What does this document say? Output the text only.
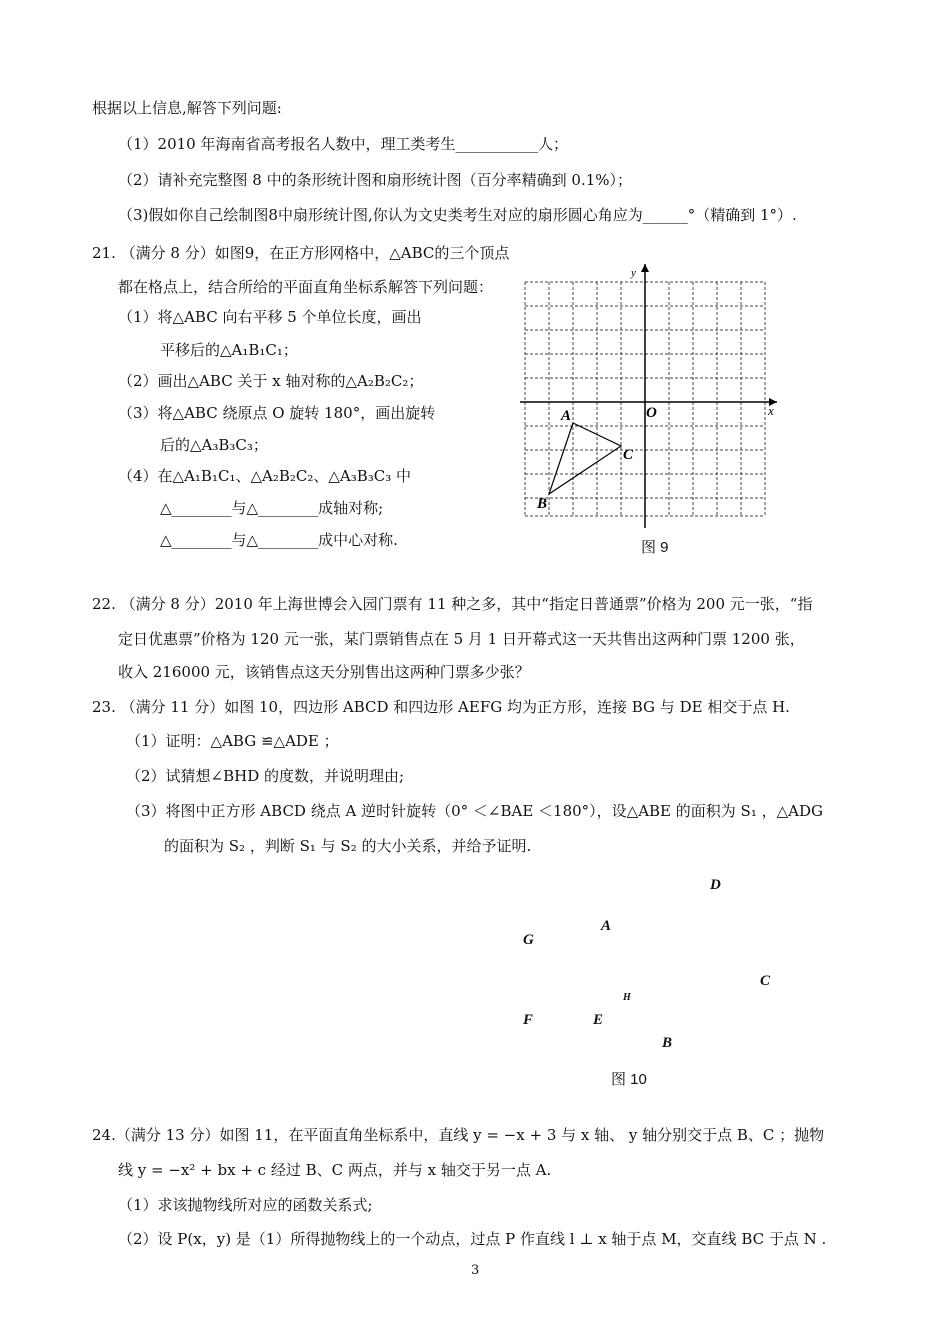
根据以上信息,解答下列问题:
（1）2010 年海南省高考报名人数中，理工类考生___________人；
（2）请补充完整图 8 中的条形统计图和扇形统计图（百分率精确到 0.1%）；
（3)假如你自己绘制图8中扇形统计图,你认为文史类考生对应的扇形圆心角应为______°（精确到 1°）.
21. （满分 8 分）如图9，在正方形网格中，△ABC的三个顶点
都在格点上，结合所给的平面直角坐标系解答下列问题：
（1）将△ABC 向右平移 5 个单位长度，画出
平移后的△A₁B₁C₁；
（2）画出△ABC 关于 x 轴对称的△A₂B₂C₂；
（3）将△ABC 绕原点 O 旋转 180°，画出旋转
后的△A₃B₃C₃；
（4）在△A₁B₁C₁、△A₂B₂C₂、△A₃B₃C₃ 中
△________与△________成轴对称;
△________与△________成中心对称.
x
y
O
A
C
B
图 9
22. （满分 8 分）2010 年上海世博会入园门票有 11 种之多，其中“指定日普通票”价格为 200 元一张，“指
定日优惠票”价格为 120 元一张，某门票销售点在 5 月 1 日开幕式这一天共售出这两种门票 1200 张，
收入 216000 元，该销售点这天分别售出这两种门票多少张？
23. （满分 11 分）如图 10，四边形 ABCD 和四边形 AEFG 均为正方形，连接 BG 与 DE 相交于点 H.
（1）证明：△ABG ≌△ADE ；
（2）试猜想∠BHD 的度数，并说明理由;
（3）将图中正方形 ABCD 绕点 A 逆时针旋转（0° ＜∠BAE ＜180°），设△ABE 的面积为 S₁ ，△ADG
的面积为 S₂ ，判断 S₁ 与 S₂ 的大小关系，并给予证明.
D
G
A
C
H
F	E
B
图 10
24.（满分 13 分）如图 11，在平面直角坐标系中，直线 y = −x + 3 与 x 轴、 y 轴分别交于点 B、C ；抛物
线 y = −x² + bx + c 经过 B、C 两点，并与 x 轴交于另一点 A.
（1）求该抛物线所对应的函数关系式;
（2）设 P(x，y) 是（1）所得抛物线上的一个动点，过点 P 作直线 l ⊥ x 轴于点 M，交直线 BC 于点 N .
3
